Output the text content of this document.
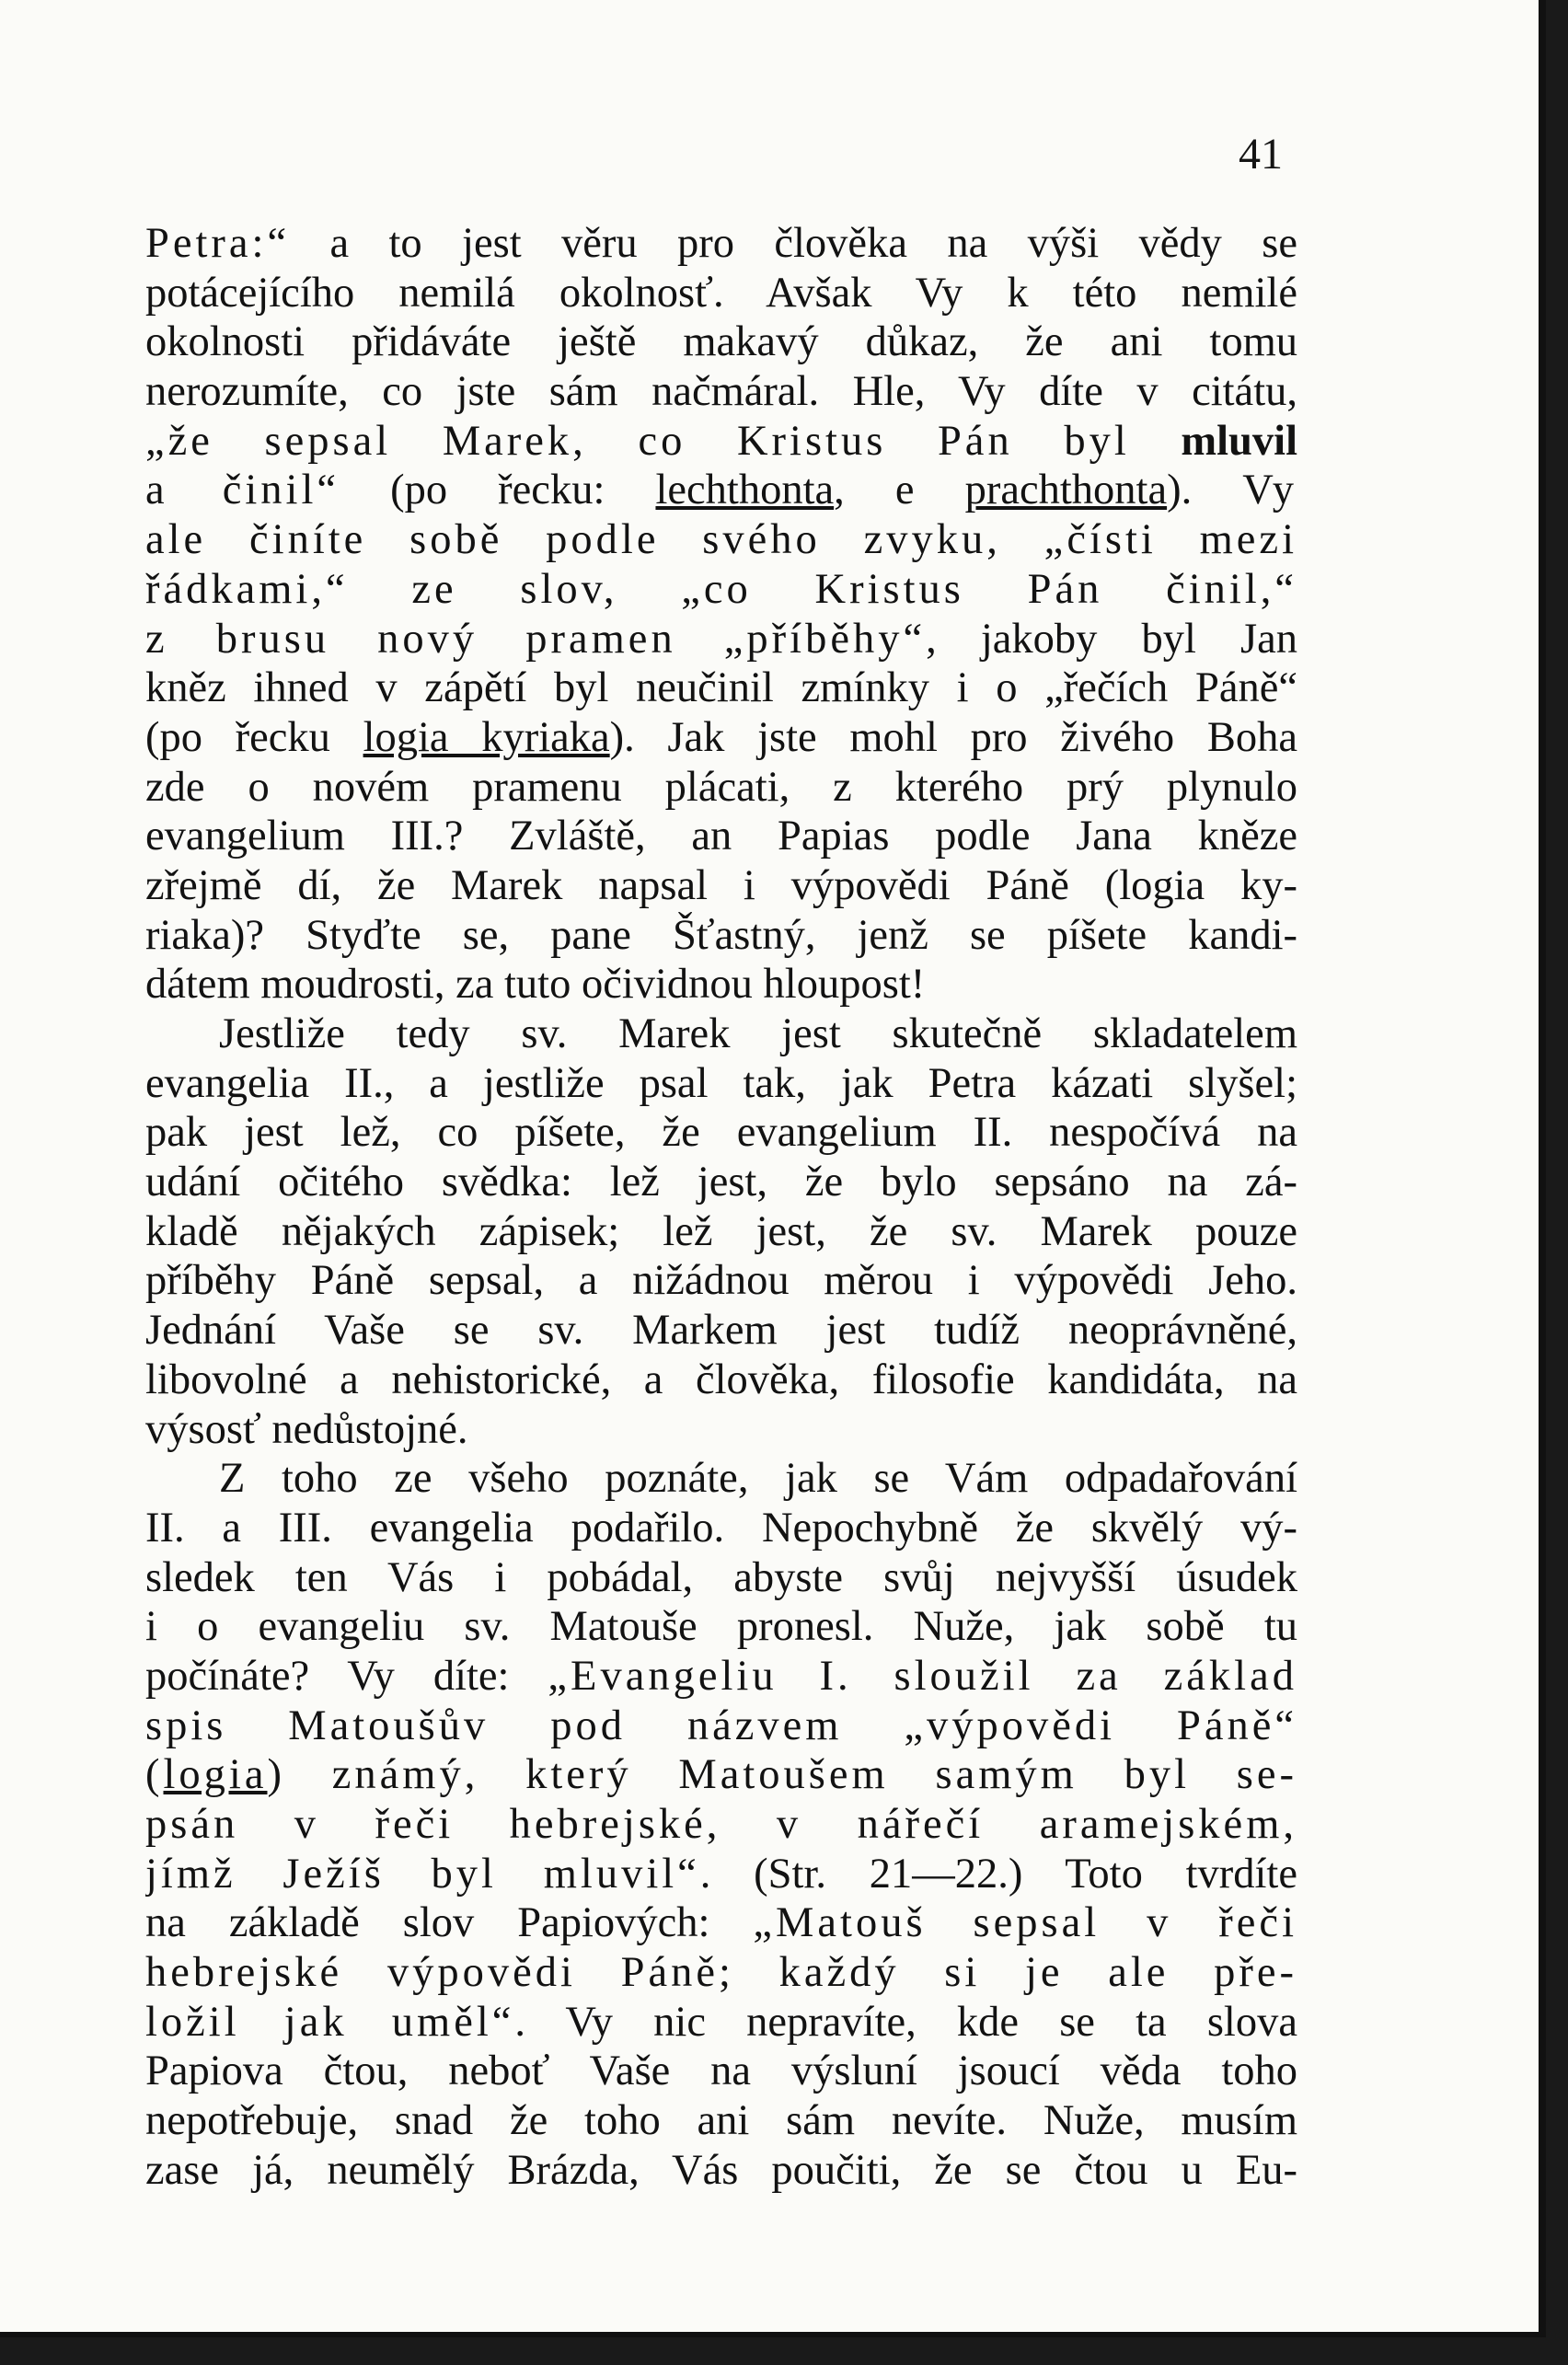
41
Petra:“ a to jest věru pro člověka na výši vědy se
potácejícího nemilá okolnosť. Avšak Vy k této nemilé
okolnosti přidáváte ještě makavý důkaz, že ani tomu
nerozumíte, co jste sám načmáral. Hle, Vy díte v citátu,
„že sepsal Marek, co Kristus Pán byl mluvil
a činil“ (po řecku: lechthonta, e prachthonta). Vy
ale činíte sobě podle svého zvyku, „čísti mezi
řádkami,“ ze slov, „co Kristus Pán činil,“
z brusu nový pramen „příběhy“, jakoby byl Jan
kněz ihned v zápětí byl neučinil zmínky i o „řečích Páně“
(po řecku logia kyriaka). Jak jste mohl pro živého Boha
zde o novém pramenu plácati, z kterého prý plynulo
evangelium III.? Zvláště, an Papias podle Jana kněze
zřejmě dí, že Marek napsal i výpovědi Páně (logia ky-
riaka)? Styďte se, pane Šťastný, jenž se píšete kandi-
dátem moudrosti, za tuto očividnou hloupost!
Jestliže tedy sv. Marek jest skutečně skladatelem
evangelia II., a jestliže psal tak, jak Petra kázati slyšel;
pak jest lež, co píšete, že evangelium II. nespočívá na
udání očitého svědka: lež jest, že bylo sepsáno na zá-
kladě nějakých zápisek; lež jest, že sv. Marek pouze
příběhy Páně sepsal, a nižádnou měrou i výpovědi Jeho.
Jednání Vaše se sv. Markem jest tudíž neoprávněné,
libovolné a nehistorické, a člověka, filosofie kandidáta, na
výsosť nedůstojné.
Z toho ze všeho poznáte, jak se Vám odpadařování
II. a III. evangelia podařilo. Nepochybně že skvělý vý-
sledek ten Vás i pobádal, abyste svůj nejvyšší úsudek
i o evangeliu sv. Matouše pronesl. Nuže, jak sobě tu
počínáte? Vy díte: „Evangeliu I. sloužil za základ
spis Matoušův pod názvem „výpovědi Páně“
(logia) známý, který Matoušem samým byl se-
psán v řeči hebrejské, v nářečí aramejském,
jímž Ježíš byl mluvil“. (Str. 21—22.) Toto tvrdíte
na základě slov Papiových: „Matouš sepsal v řeči
hebrejské výpovědi Páně; každý si je ale pře-
ložil jak uměl“. Vy nic nepravíte, kde se ta slova
Papiova čtou, neboť Vaše na výsluní jsoucí věda toho
nepotřebuje, snad že toho ani sám nevíte. Nuže, musím
zase já, neumělý Brázda, Vás poučiti, že se čtou u Eu-
